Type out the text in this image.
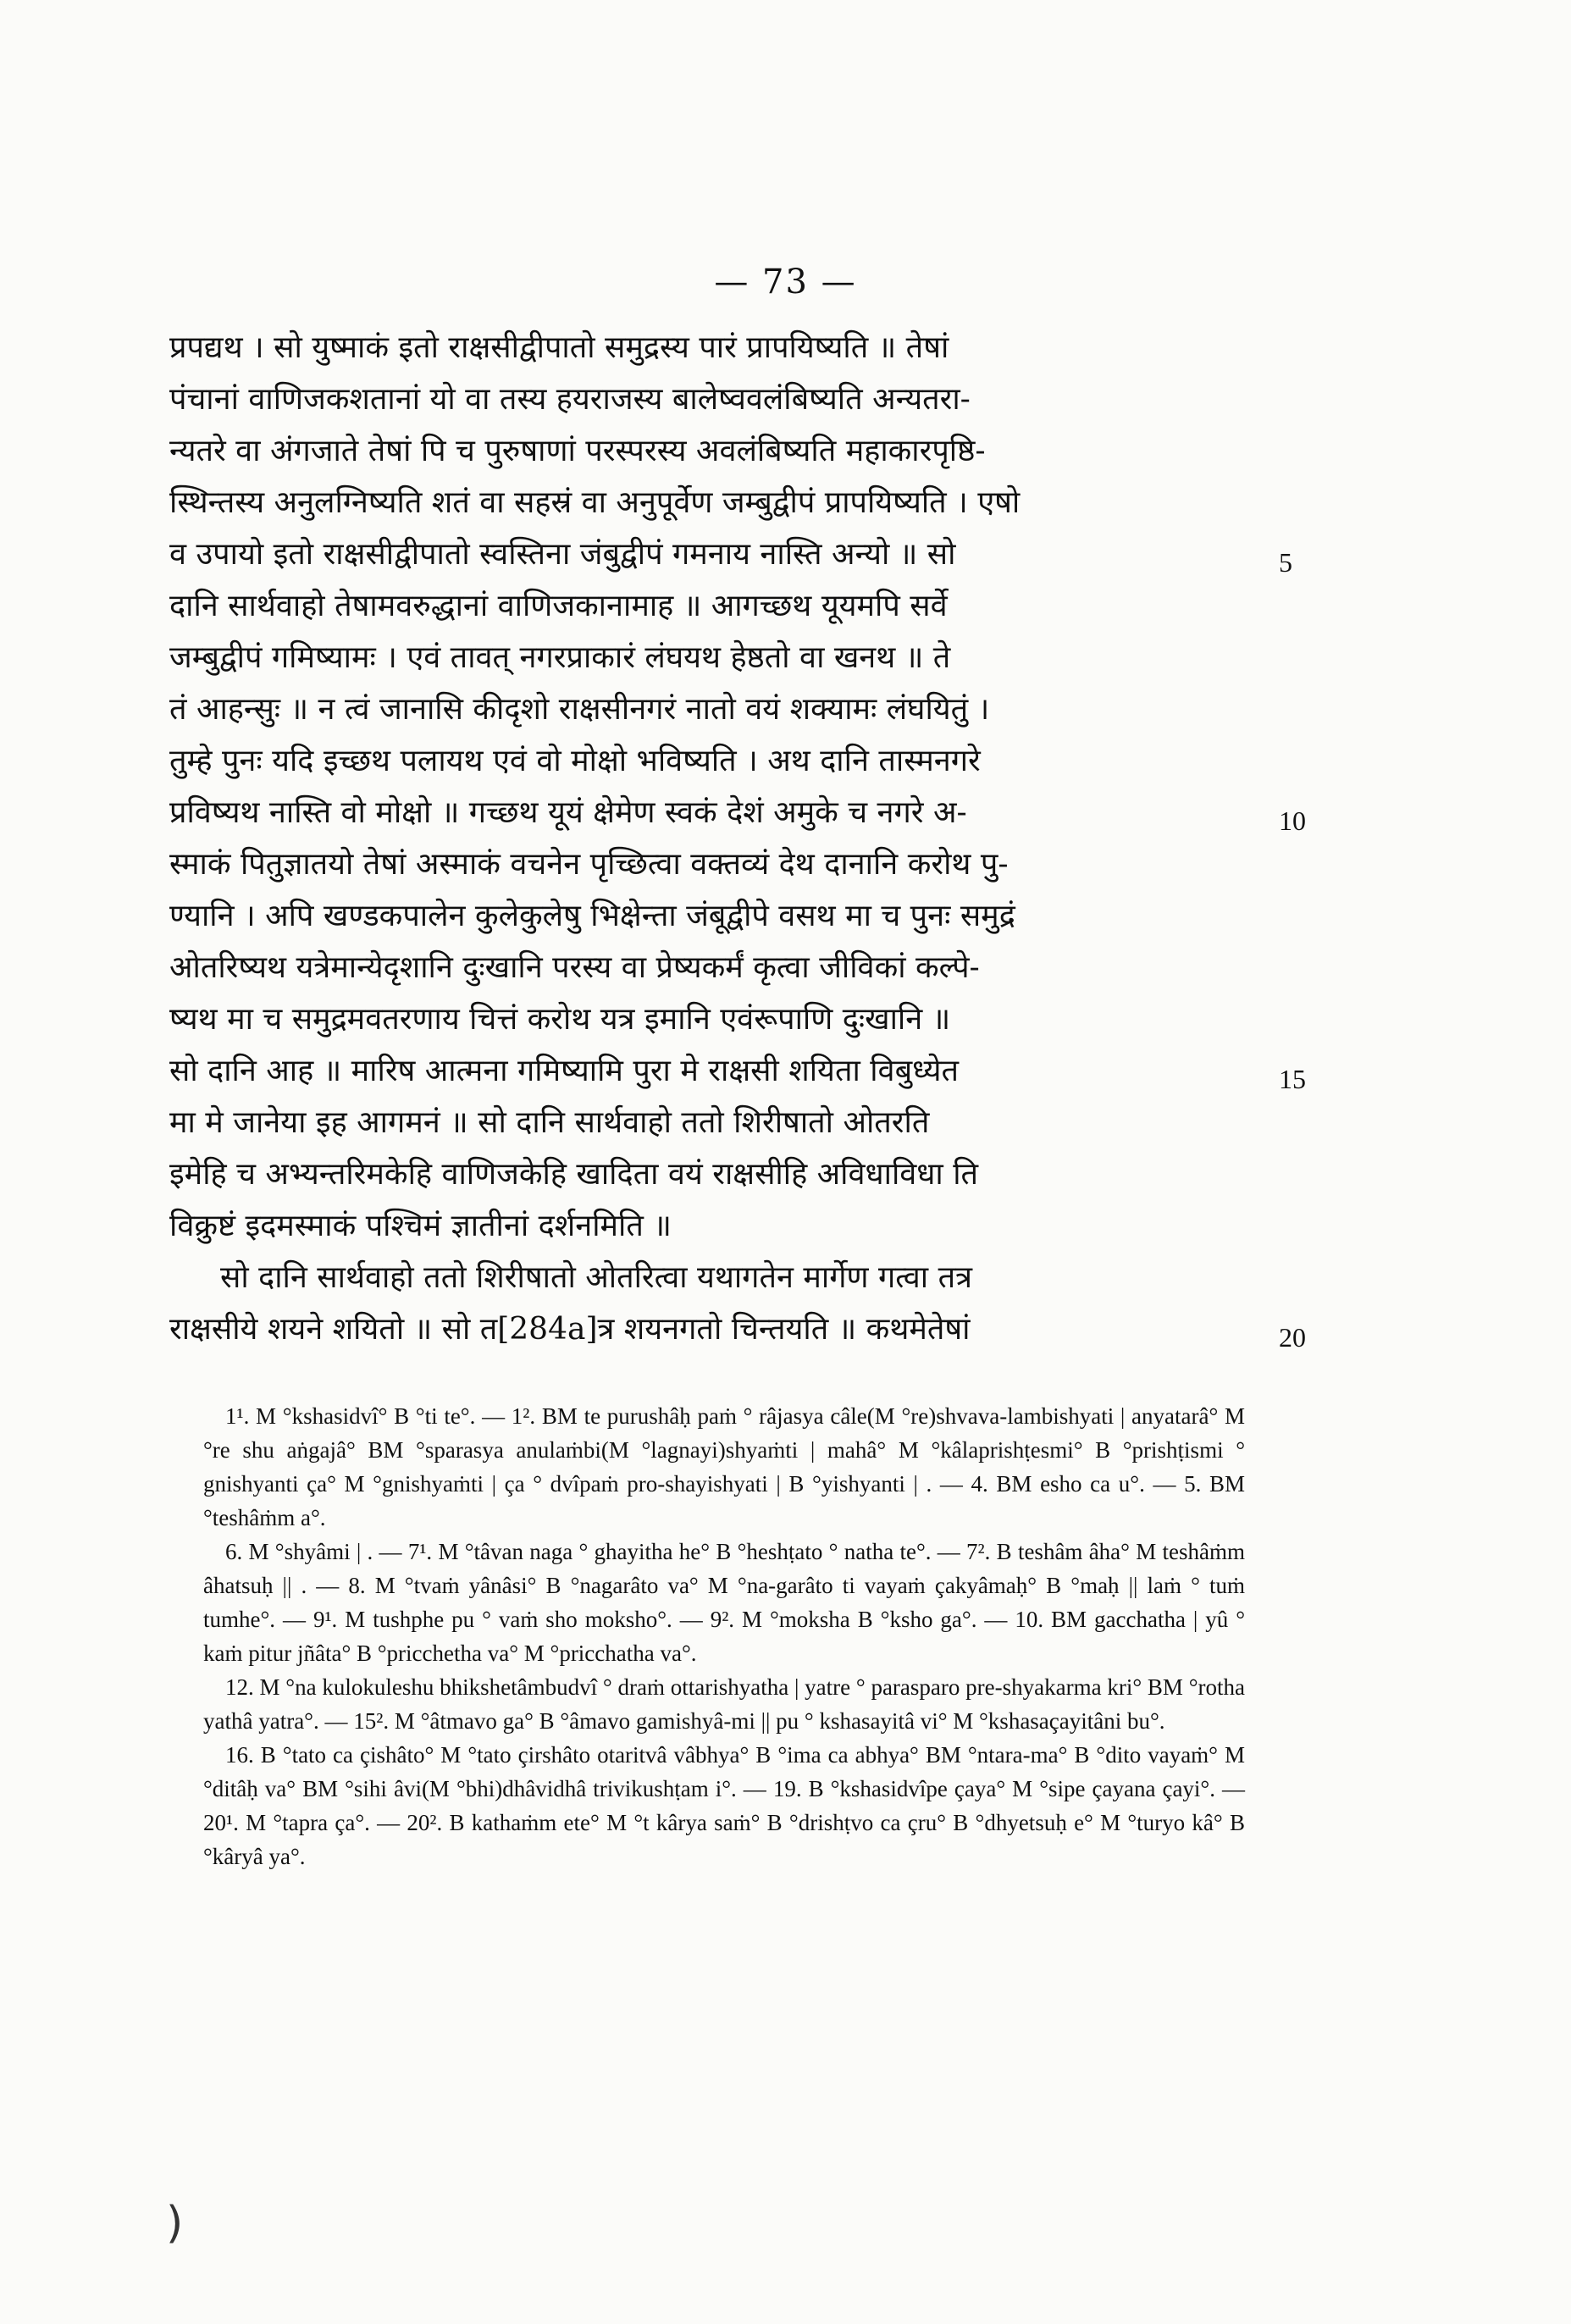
— 73 —
प्रपद्यथ । सो युष्माकं इतो राक्षसीद्वीपातो समुद्रस्य पारं प्रापयिष्यति ॥ तेषां
पंचानां वाणिजकशतानां यो वा तस्य हयराजस्य बालेष्ववलंबिष्यति अन्यतरा-
न्यतरे वा अंगजाते तेषां पि च पुरुषाणां परस्परस्य अवलंबिष्यति महाकारपृष्ठि-
स्थिन्तस्य अनुलग्निष्यति शतं वा सहस्रं वा अनुपूर्वेण जम्बुद्वीपं प्रापयिष्यति । एषो
व उपायो इतो राक्षसीद्वीपातो स्वस्तिना जंबुद्वीपं गमनाय नास्ति अन्यो ॥ सो
दानि सार्थवाहो तेषामवरुद्धानां वाणिजकानामाह ॥ आगच्छथ यूयमपि सर्वे
जम्बुद्वीपं गमिष्यामः । एवं तावत् नगरप्राकारं लंघयथ हेष्ठतो वा खनथ ॥ ते
तं आहन्सुः ॥ न त्वं जानासि कीदृशो राक्षसीनगरं नातो वयं शक्यामः लंघयितुं ।
तुम्हे पुनः यदि इच्छथ पलायथ एवं वो मोक्षो भविष्यति । अथ दानि तास्मनगरे
प्रविष्यथ नास्ति वो मोक्षो ॥ गच्छथ यूयं क्षेमेण स्वकं देशं अमुके च नगरे अ-
स्माकं पितुज्ञातयो तेषां अस्माकं वचनेन पृच्छित्वा वक्तव्यं देथ दानानि करोथ पु-
ण्यानि । अपि खण्डकपालेन कुलेकुलेषु भिक्षेन्ता जंबूद्वीपे वसथ मा च पुनः समुद्रं
ओतरिष्यथ यत्रेमान्येदृशानि दुःखानि परस्य वा प्रेष्यकर्मं कृत्वा जीविकां कल्पे-
ष्यथ मा च समुद्रमवतरणाय चित्तं करोथ यत्र इमानि एवंरूपाणि दुःखानि ॥
सो दानि आह ॥ मारिष आत्मना गमिष्यामि पुरा मे राक्षसी शयिता विबुध्येत
मा मे जानेया इह आगमनं ॥ सो दानि सार्थवाहो ततो शिरीषातो ओतरति
इमेहि च अभ्यन्तरिमकेहि वाणिजकेहि खादिता वयं राक्षसीहि अविधाविधा ति
विक्रुष्टं इदमस्माकं पश्चिमं ज्ञातीनां दर्शनमिति ॥
सो दानि सार्थवाहो ततो शिरीषातो ओतरित्वा यथागतेन मार्गेण गत्वा तत्र
राक्षसीये शयने शयितो ॥ सो त[284a]त्र शयनगतो चिन्तयति ॥ कथमेतेषां
5
10
15
20

1¹. M °kshasidvî° B °ti te°. — 1². BM te purushâḥ paṁ ° râjasya câle(M °re)shvava-lambishyati | anyatarâ° M °re shu aṅgajâ° BM °sparasya anulaṁbi(M °lagnayi)shyaṁti | mahâ° M °kâlaprishṭesmi° B °prishṭismi ° gnishyanti ça° M °gnishyaṁti | ça ° dvîpaṁ pro-shayishyati | B °yishyanti | . — 4. BM esho ca u°. — 5. BM °teshâṁm a°.

6. M °shyâmi | . — 7¹. M °tâvan naga ° ghayitha he° B °heshṭato ° natha te°. — 7². B teshâm âha° M teshâṁm âhatsuḥ || . — 8. M °tvaṁ yânâsi° B °nagarâto va° M °na-garâto ti vayaṁ çakyâmaḥ° B °maḥ || laṁ ° tuṁ tumhe°. — 9¹. M tushphe pu ° vaṁ sho moksho°. — 9². M °moksha B °ksho ga°. — 10. BM gacchatha | yû ° kaṁ pitur jñâta° B °pricchetha va° M °pricchatha va°.

12. M °na kulokuleshu bhikshetâmbudvî ° draṁ ottarishyatha | yatre ° parasparo pre-shyakarma kri° BM °rotha yathâ yatra°. — 15². M °âtmavo ga° B °âmavo gamishyâ-mi || pu ° kshasayitâ vi° M °kshasaçayitâni bu°.

16. B °tato ca çishâto° M °tato çirshâto otaritvâ vâbhya° B °ima ca abhya° BM °ntara-ma° B °dito vayaṁ° M °ditâḥ va° BM °sihi âvi(M °bhi)dhâvidhâ trivikushṭam i°. — 19. B °kshasidvîpe çaya° M °sipe çayana çayi°. — 20¹. M °tapra ça°. — 20². B kathaṁm ete° M °t kârya saṁ° B °drishṭvo ca çru° B °dhyetsuḥ e° M °turyo kâ° B °kâryâ ya°.

)
